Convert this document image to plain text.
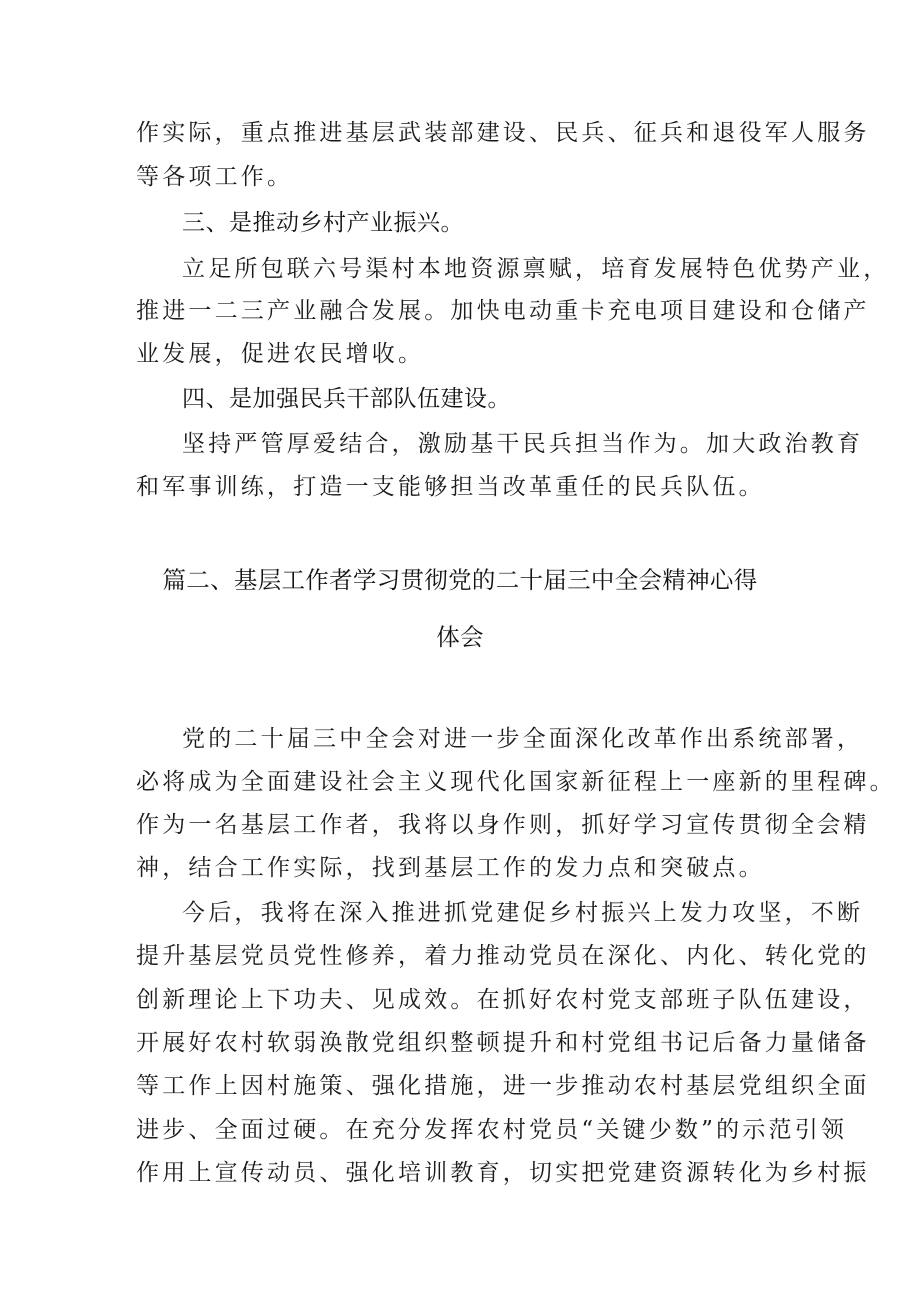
作实际，重点推进基层武装部建设、民兵、征兵和退役军人服务
等各项工作。
三、是推动乡村产业振兴。
立足所包联六号渠村本地资源禀赋，培育发展特色优势产业，
推进一二三产业融合发展。加快电动重卡充电项目建设和仓储产
业发展，促进农民增收。
四、是加强民兵干部队伍建设。
坚持严管厚爱结合，激励基干民兵担当作为。加大政治教育
和军事训练，打造一支能够担当改革重任的民兵队伍。
篇二、基层工作者学习贯彻党的二十届三中全会精神心得
体会
党的二十届三中全会对进一步全面深化改革作出系统部署，
必将成为全面建设社会主义现代化国家新征程上一座新的里程碑。
作为一名基层工作者，我将以身作则，抓好学习宣传贯彻全会精
神，结合工作实际，找到基层工作的发力点和突破点。
今后，我将在深入推进抓党建促乡村振兴上发力攻坚，不断
提升基层党员党性修养，着力推动党员在深化、内化、转化党的
创新理论上下功夫、见成效。在抓好农村党支部班子队伍建设，
开展好农村软弱涣散党组织整顿提升和村党组书记后备力量储备
等工作上因村施策、强化措施，进一步推动农村基层党组织全面
进步、全面过硬。在充分发挥农村党员“关键少数”的示范引领
作用上宣传动员、强化培训教育，切实把党建资源转化为乡村振
